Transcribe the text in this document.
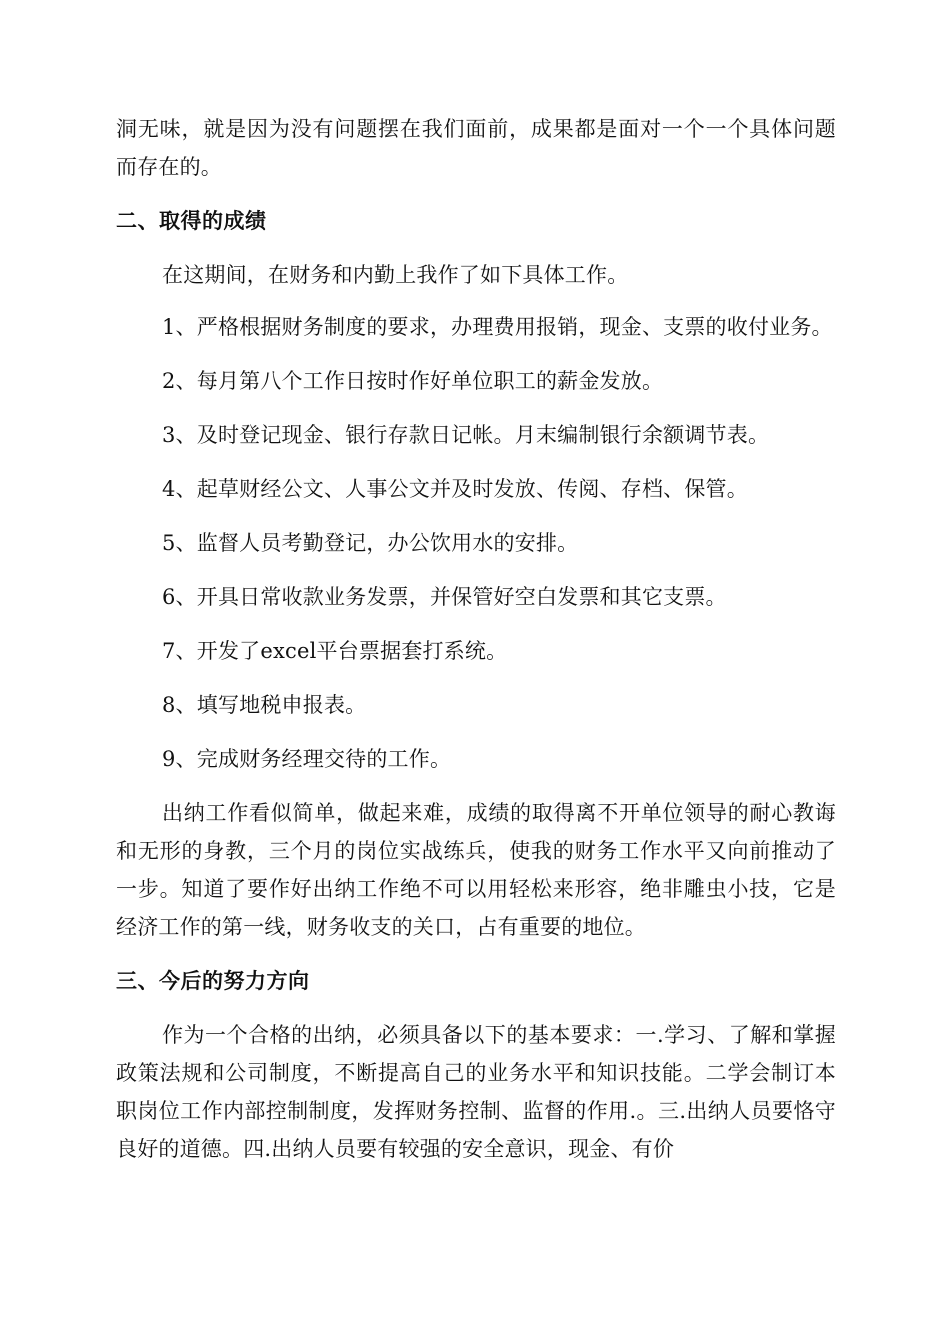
洞无味，就是因为没有问题摆在我们面前，成果都是面对一个一个具体问题而存在的。

二、取得的成绩

在这期间，在财务和内勤上我作了如下具体工作。

1、严格根据财务制度的要求，办理费用报销，现金、支票的收付业务。

2、每月第八个工作日按时作好单位职工的薪金发放。

3、及时登记现金、银行存款日记帐。月末编制银行余额调节表。

4、起草财经公文、人事公文并及时发放、传阅、存档、保管。

5、监督人员考勤登记，办公饮用水的安排。

6、开具日常收款业务发票，并保管好空白发票和其它支票。

7、开发了excel平台票据套打系统。

8、填写地税申报表。

9、完成财务经理交待的工作。

出纳工作看似简单，做起来难，成绩的取得离不开单位领导的耐心教诲和无形的身教，三个月的岗位实战练兵，使我的财务工作水平又向前推动了一步。知道了要作好出纳工作绝不可以用轻松来形容，绝非雕虫小技，它是经济工作的第一线，财务收支的关口，占有重要的地位。

三、今后的努力方向

作为一个合格的出纳，必须具备以下的基本要求：一.学习、了解和掌握政策法规和公司制度，不断提高自己的业务水平和知识技能。二学会制订本职岗位工作内部控制制度，发挥财务控制、监督的作用.。三.出纳人员要恪守良好的道德。四.出纳人员要有较强的安全意识，现金、有价
